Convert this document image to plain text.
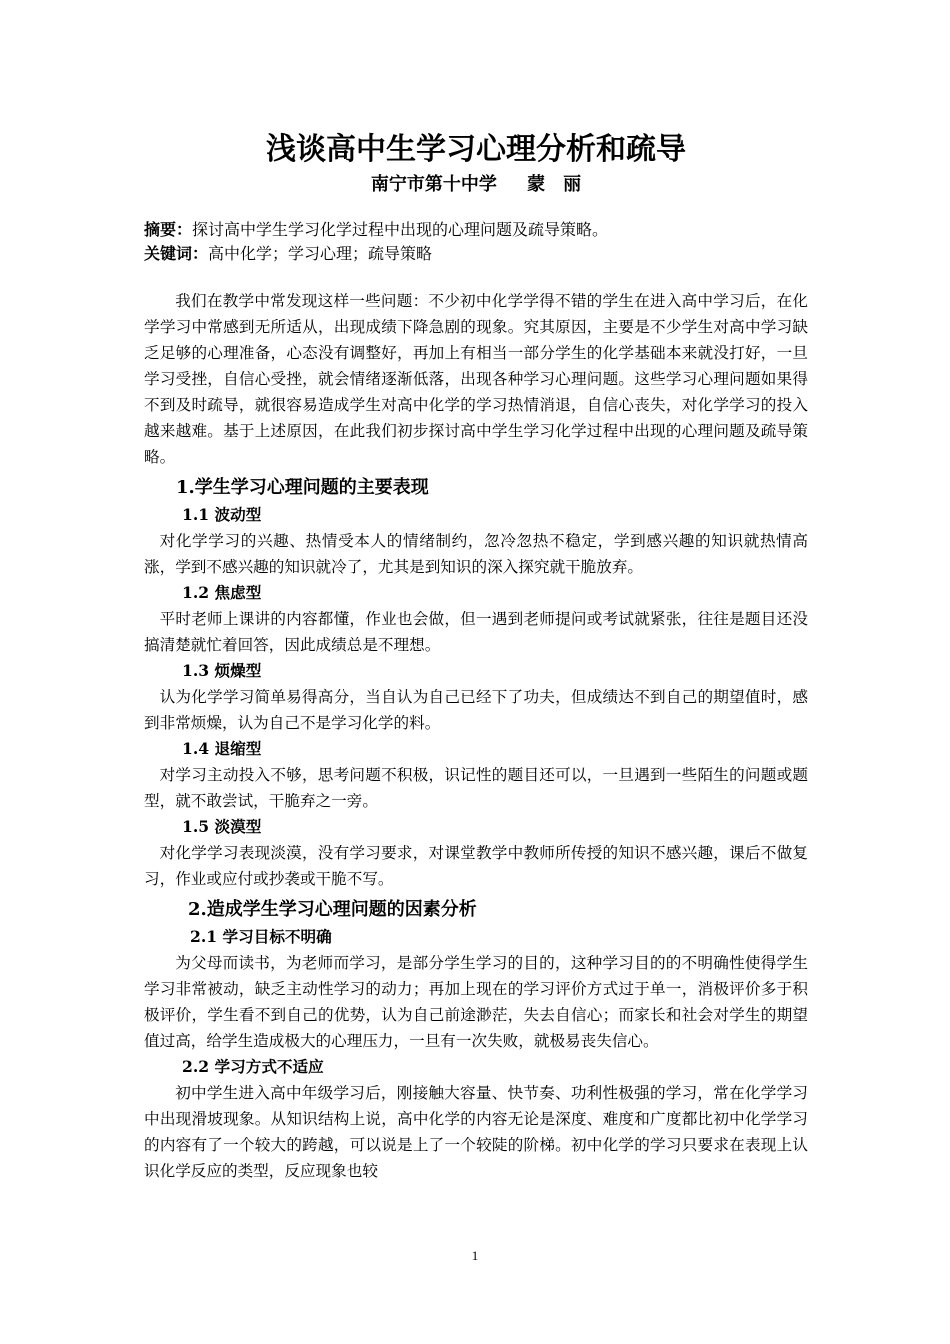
浅谈高中生学习心理分析和疏导
南宁市第十中学　 蒙　丽
摘要：探讨高中学生学习化学过程中出现的心理问题及疏导策略。
关键词：高中化学；学习心理；疏导策略

我们在教学中常发现这样一些问题：不少初中化学学得不错的学生在进入高中学习后，在化学学习中常感到无所适从，出现成绩下降急剧的现象。究其原因，主要是不少学生对高中学习缺乏足够的心理准备，心态没有调整好，再加上有相当一部分学生的化学基础本来就没打好，一旦学习受挫，自信心受挫，就会情绪逐渐低落，出现各种学习心理问题。这些学习心理问题如果得不到及时疏导，就很容易造成学生对高中化学的学习热情消退，自信心丧失，对化学学习的投入越来越难。基于上述原因，在此我们初步探讨高中学生学习化学过程中出现的心理问题及疏导策略。

1.学生学习心理问题的主要表现
1.1 波动型

对化学学习的兴趣、热情受本人的情绪制约，忽冷忽热不稳定，学到感兴趣的知识就热情高涨，学到不感兴趣的知识就冷了，尤其是到知识的深入探究就干脆放弃。

1.2 焦虑型

平时老师上课讲的内容都懂，作业也会做，但一遇到老师提问或考试就紧张，往往是题目还没搞清楚就忙着回答，因此成绩总是不理想。

1.3 烦燥型

认为化学学习简单易得高分，当自认为自己已经下了功夫，但成绩达不到自己的期望值时，感到非常烦燥，认为自己不是学习化学的料。

1.4 退缩型

对学习主动投入不够，思考问题不积极，识记性的题目还可以，一旦遇到一些陌生的问题或题型，就不敢尝试，干脆弃之一旁。

1.5 淡漠型

对化学学习表现淡漠，没有学习要求，对课堂教学中教师所传授的知识不感兴趣，课后不做复习，作业或应付或抄袭或干脆不写。

2.造成学生学习心理问题的因素分析
2.1 学习目标不明确

为父母而读书，为老师而学习，是部分学生学习的目的，这种学习目的的不明确性使得学生学习非常被动，缺乏主动性学习的动力；再加上现在的学习评价方式过于单一，消极评价多于积极评价，学生看不到自己的优势，认为自己前途渺茫，失去自信心；而家长和社会对学生的期望值过高，给学生造成极大的心理压力，一旦有一次失败，就极易丧失信心。

2.2 学习方式不适应

初中学生进入高中年级学习后，刚接触大容量、快节奏、功利性极强的学习，常在化学学习中出现滑坡现象。从知识结构上说，高中化学的内容无论是深度、难度和广度都比初中化学学习的内容有了一个较大的跨越，可以说是上了一个较陡的阶梯。初中化学的学习只要求在表现上认识化学反应的类型，反应现象也较

1
